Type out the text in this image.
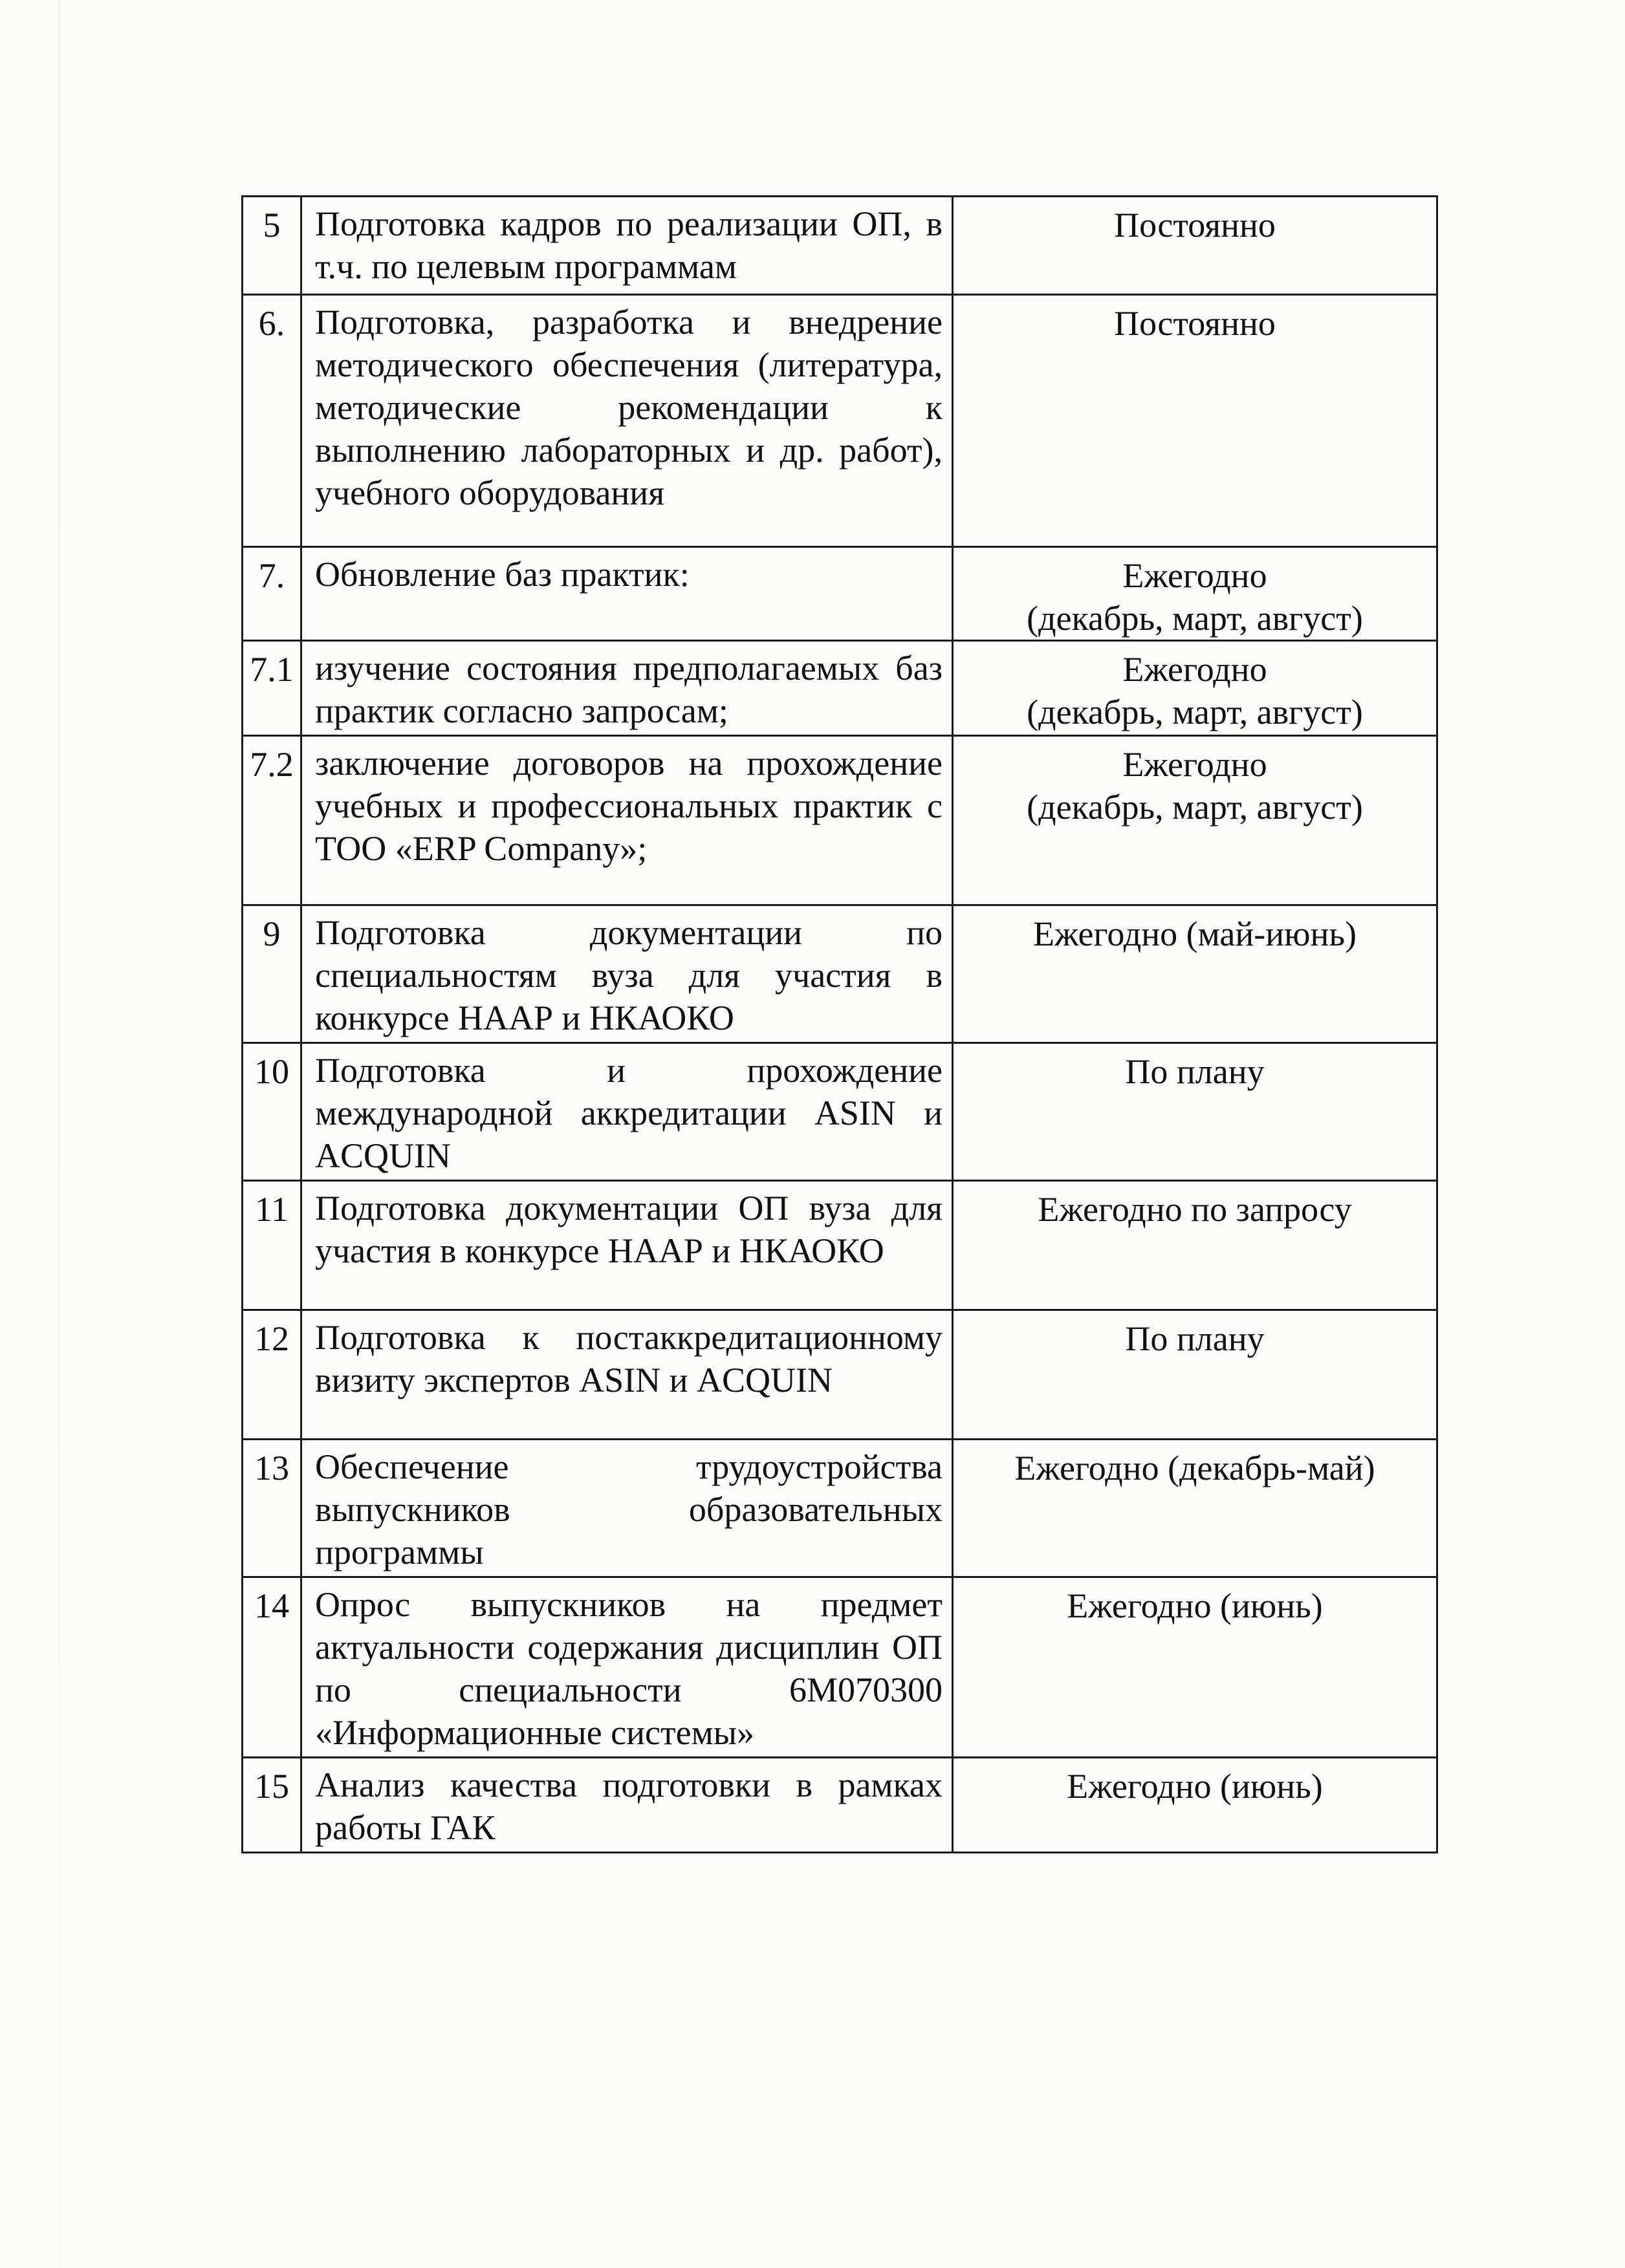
5	Подготовка кадров по реализации ОП, в т.ч. по целевым программам	Постоянно
6.	Подготовка, разработка и внедрение методического обеспечения (литература, методические рекомендации к выполнению лабораторных и др. работ), учебного оборудования	Постоянно
7.	Обновление баз практик:	Ежегодно
(декабрь, март, август)
7.1	изучение состояния предполагаемых баз практик согласно запросам;	Ежегодно
(декабрь, март, август)
7.2	заключение договоров на прохождение учебных и профессиональных практик с ТОО «ERP Company»;	Ежегодно
(декабрь, март, август)
9	Подготовка документации по специальностям вуза для участия в конкурсе НААР и НКАОКО	Ежегодно (май-июнь)
10	Подготовка и прохождение международной аккредитации ASIN и ACQUIN	По плану
11	Подготовка документации ОП вуза для участия в конкурсе НААР и НКАОКО	Ежегодно по запросу
12	Подготовка к постаккредитационному визиту экспертов ASIN и ACQUIN	По плану
13	Обеспечение трудоустройства выпускников образовательных программы	Ежегодно (декабрь-май)
14	Опрос выпускников на предмет актуальности содержания дисциплин ОП по специальности 6М070300 «Информационные системы»	Ежегодно (июнь)
15	Анализ качества подготовки в рамках работы ГАК	Ежегодно (июнь)
